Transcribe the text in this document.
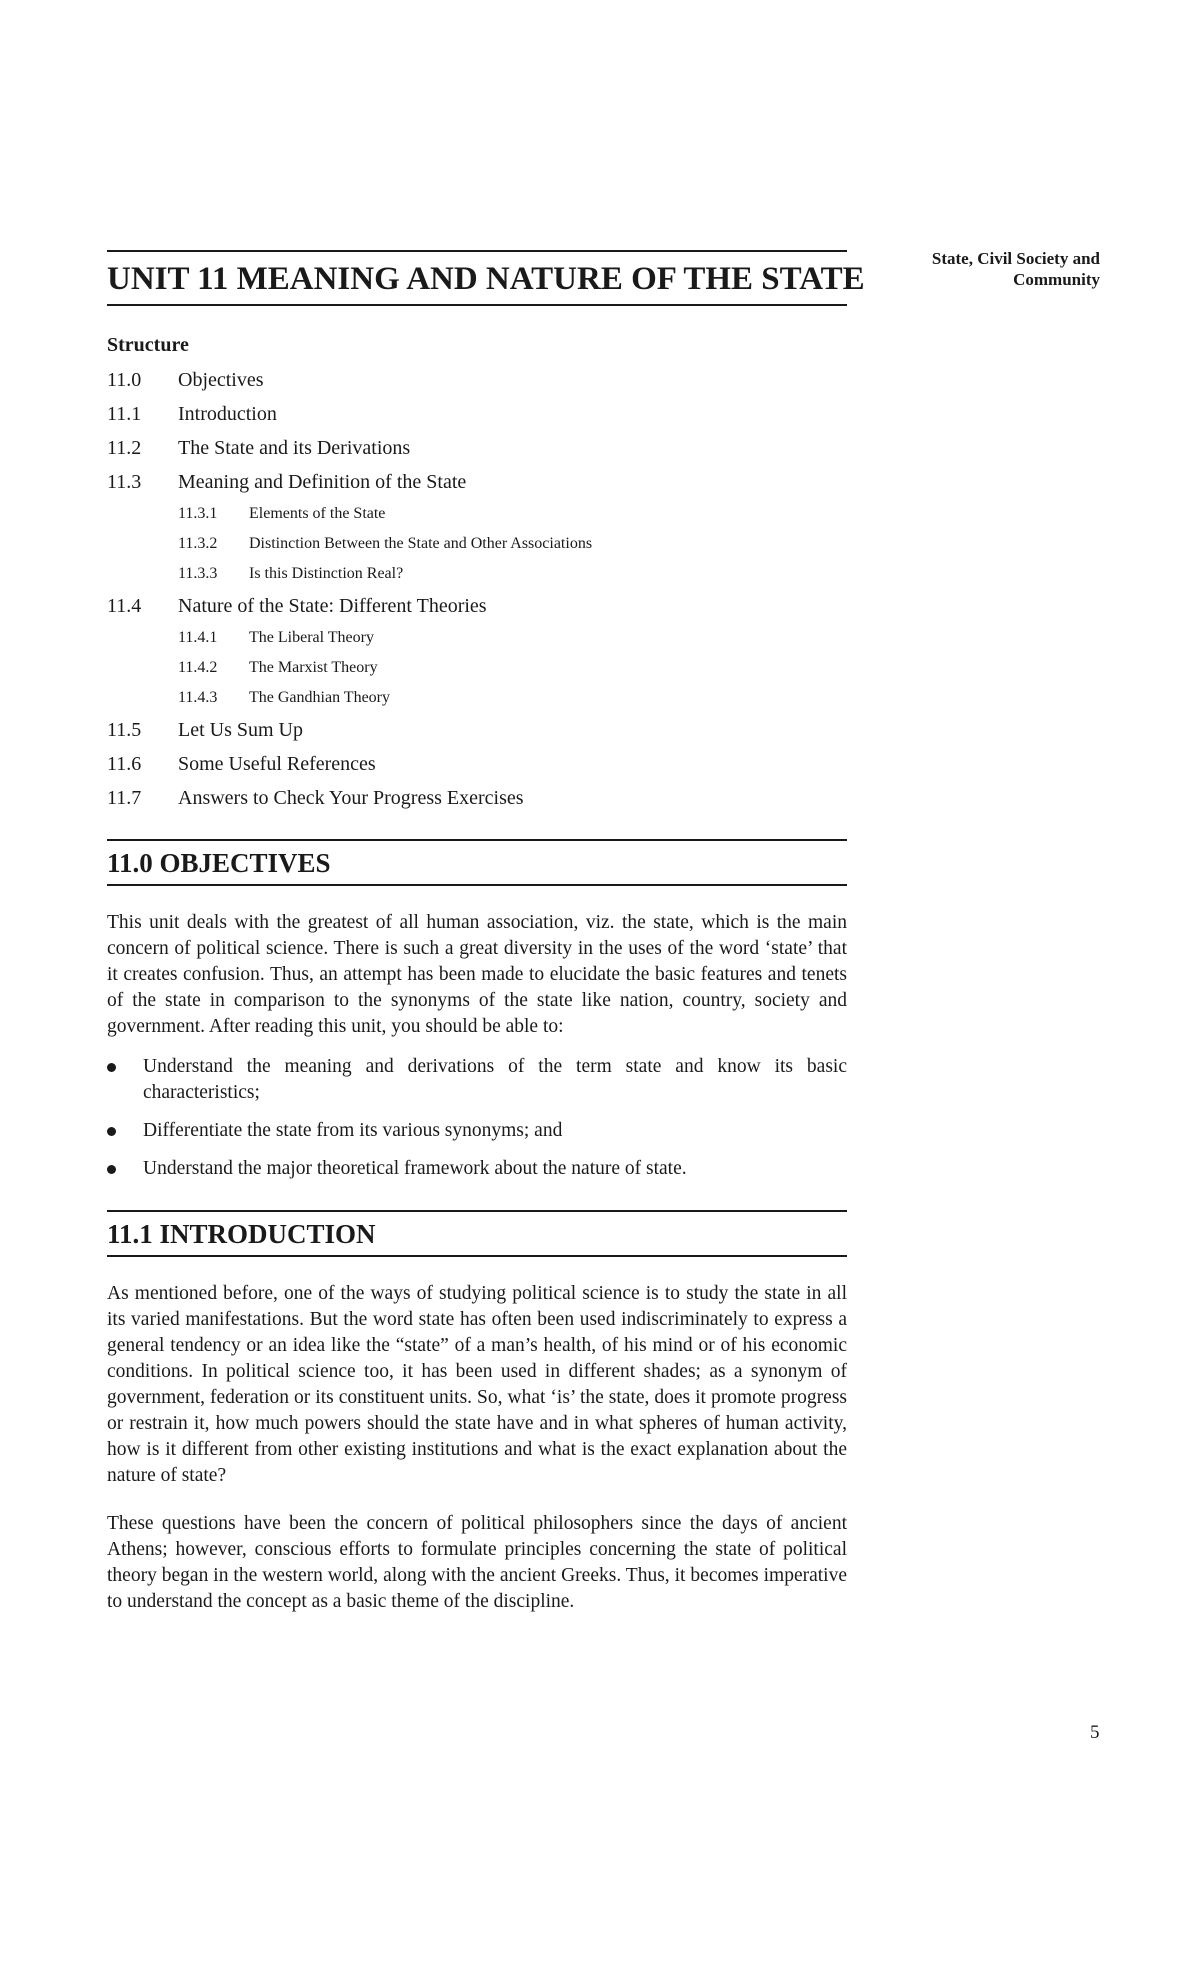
State, Civil Society and
Community
UNIT 11 MEANING AND NATURE OF THE STATE
Structure
11.0	Objectives
11.1	Introduction
11.2	The State and its Derivations
11.3	Meaning and Definition of the State
11.3.1	Elements of the State
11.3.2	Distinction Between the State and Other Associations
11.3.3	Is this Distinction Real?
11.4	Nature of the State: Different Theories
11.4.1	The Liberal Theory
11.4.2	The Marxist Theory
11.4.3	The Gandhian Theory
11.5	Let Us Sum Up
11.6	Some Useful References
11.7	Answers to Check Your Progress Exercises
11.0 OBJECTIVES

This unit deals with the greatest of all human association, viz. the state, which is the main concern of political science. There is such a great diversity in the uses of the word ‘state’ that it creates confusion. Thus, an attempt has been made to elucidate the basic features and tenets of the state in comparison to the synonyms of the state like nation, country, society and government. After reading this unit, you should be able to:

Understand the meaning and derivations of the term state and know its basic characteristics;
Differentiate the state from its various synonyms; and
Understand the major theoretical framework about the nature of state.
11.1 INTRODUCTION

As mentioned before, one of the ways of studying political science is to study the state in all its varied manifestations. But the word state has often been used indiscriminately to express a general tendency or an idea like the “state” of a man’s health, of his mind or of his economic conditions. In political science too, it has been used in different shades; as a synonym of government, federation or its constituent units. So, what ‘is’ the state, does it promote progress or restrain it, how much powers should the state have and in what spheres of human activity, how is it different from other existing institutions and what is the exact explanation about the nature of state?

These questions have been the concern of political philosophers since the days of ancient Athens; however, conscious efforts to formulate principles concerning the state of political theory began in the western world, along with the ancient Greeks. Thus, it becomes imperative to understand the concept as a basic theme of the discipline.

5
